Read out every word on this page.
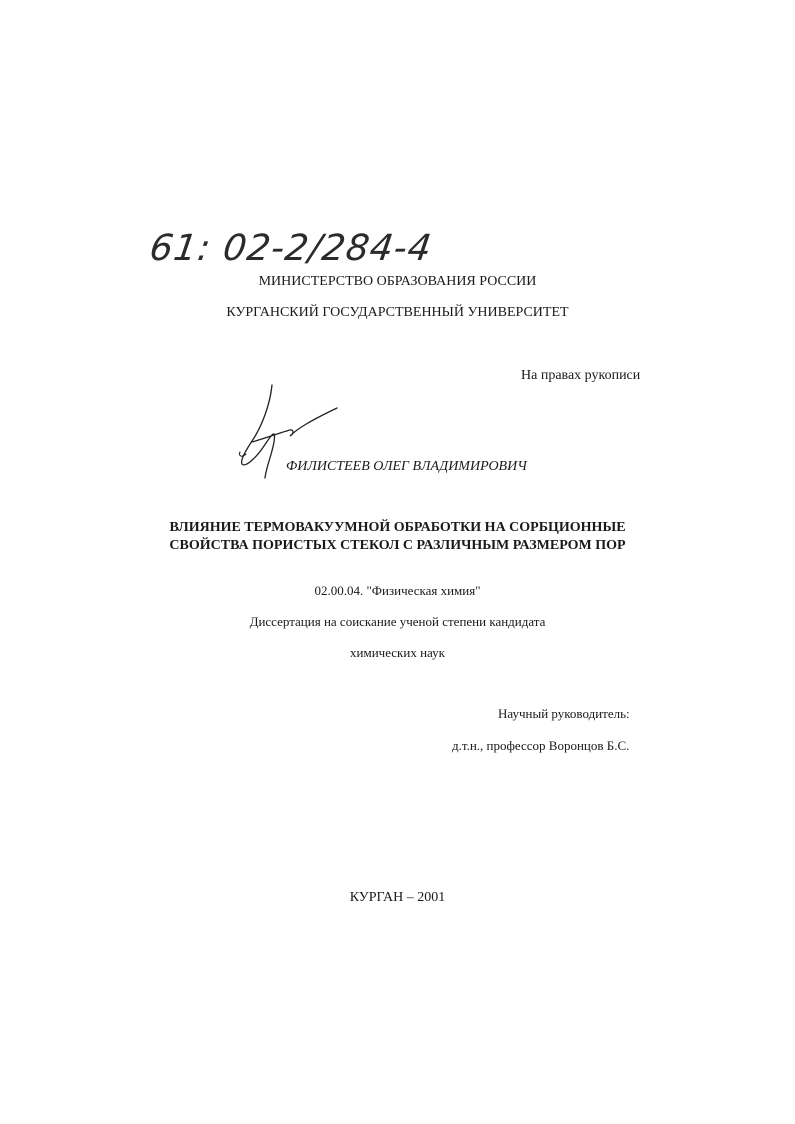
61: 02-2/284-4
МИНИСТЕРСТВО ОБРАЗОВАНИЯ РОССИИ
КУРГАНСКИЙ ГОСУДАРСТВЕННЫЙ УНИВЕРСИТЕТ
На правах рукописи
ФИЛИСТЕЕВ ОЛЕГ ВЛАДИМИРОВИЧ
ВЛИЯНИЕ ТЕРМОВАКУУМНОЙ ОБРАБОТКИ НА СОРБЦИОННЫЕ
СВОЙСТВА ПОРИСТЫХ СТЕКОЛ С РАЗЛИЧНЫМ РАЗМЕРОМ ПОР
02.00.04. "Физическая химия"
Диссертация на соискание ученой степени кандидата
химических наук
Научный руководитель:
д.т.н., профессор Воронцов Б.С.
КУРГАН – 2001
